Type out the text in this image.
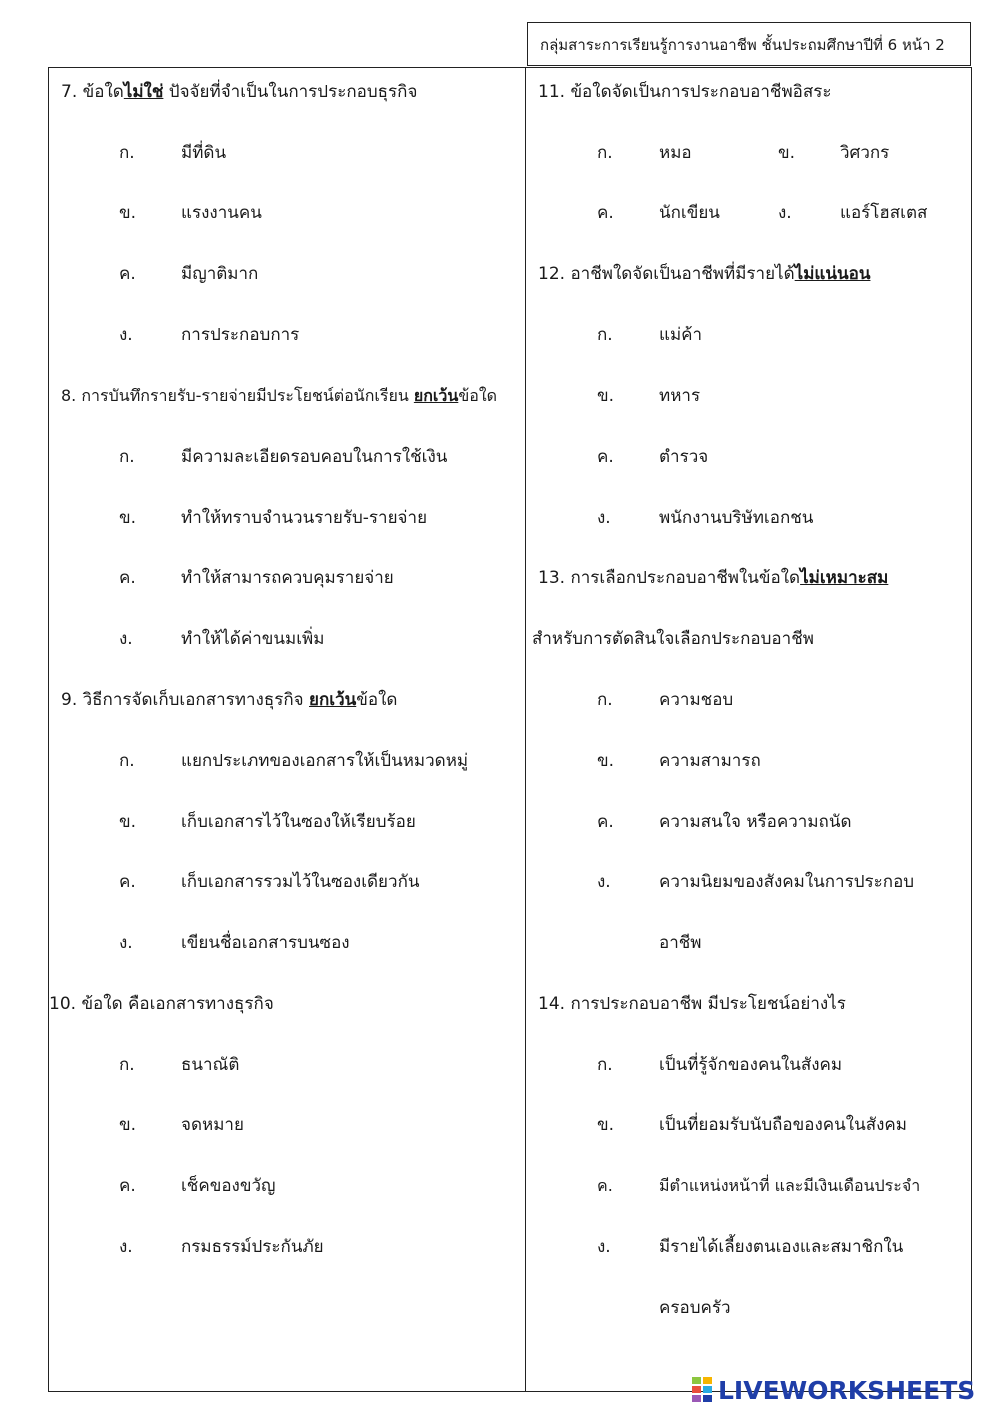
กลุ่มสาระการเรียนรู้การงานอาชีพ ชั้นประถมศึกษาปีที่ 6 หน้า 2
7. ข้อใดไม่ใช่ ปัจจัยที่จำเป็นในการประกอบธุรกิจ
ก.	มีที่ดิน
ข.	แรงงานคน
ค.	มีญาติมาก
ง.	การประกอบการ
8. การบันทึกรายรับ-รายจ่ายมีประโยชน์ต่อนักเรียน ยกเว้นข้อใด
ก.	มีความละเอียดรอบคอบในการใช้เงิน
ข.	ทำให้ทราบจำนวนรายรับ-รายจ่าย
ค.	ทำให้สามารถควบคุมรายจ่าย
ง.	ทำให้ได้ค่าขนมเพิ่ม
9. วิธีการจัดเก็บเอกสารทางธุรกิจ ยกเว้นข้อใด
ก.	แยกประเภทของเอกสารให้เป็นหมวดหมู่
ข.	เก็บเอกสารไว้ในซองให้เรียบร้อย
ค.	เก็บเอกสารรวมไว้ในซองเดียวกัน
ง.	เขียนชื่อเอกสารบนซอง
10. ข้อใด คือเอกสารทางธุรกิจ
ก.	ธนาณัติ
ข.	จดหมาย
ค.	เช็คของขวัญ
ง.	กรมธรรม์ประกันภัย
11. ข้อใดจัดเป็นการประกอบอาชีพอิสระ
ก.	หมอ	ข.	วิศวกร
ค.	นักเขียน	ง.	แอร์โฮสเตส
12. อาชีพใดจัดเป็นอาชีพที่มีรายได้ไม่แน่นอน
ก.	แม่ค้า
ข.	ทหาร
ค.	ตำรวจ
ง.	พนักงานบริษัทเอกชน
13. การเลือกประกอบอาชีพในข้อใดไม่เหมาะสม
สำหรับการตัดสินใจเลือกประกอบอาชีพ
ก.	ความชอบ
ข.	ความสามารถ
ค.	ความสนใจ หรือความถนัด
ง.	ความนิยมของสังคมในการประกอบ
อาชีพ
14. การประกอบอาชีพ มีประโยชน์อย่างไร
ก.	เป็นที่รู้จักของคนในสังคม
ข.	เป็นที่ยอมรับนับถือของคนในสังคม
ค.	มีตำแหน่งหน้าที่ และมีเงินเดือนประจำ
ง.	มีรายได้เลี้ยงตนเองและสมาชิกใน
ครอบครัว
LIVEWORKSHEETS
